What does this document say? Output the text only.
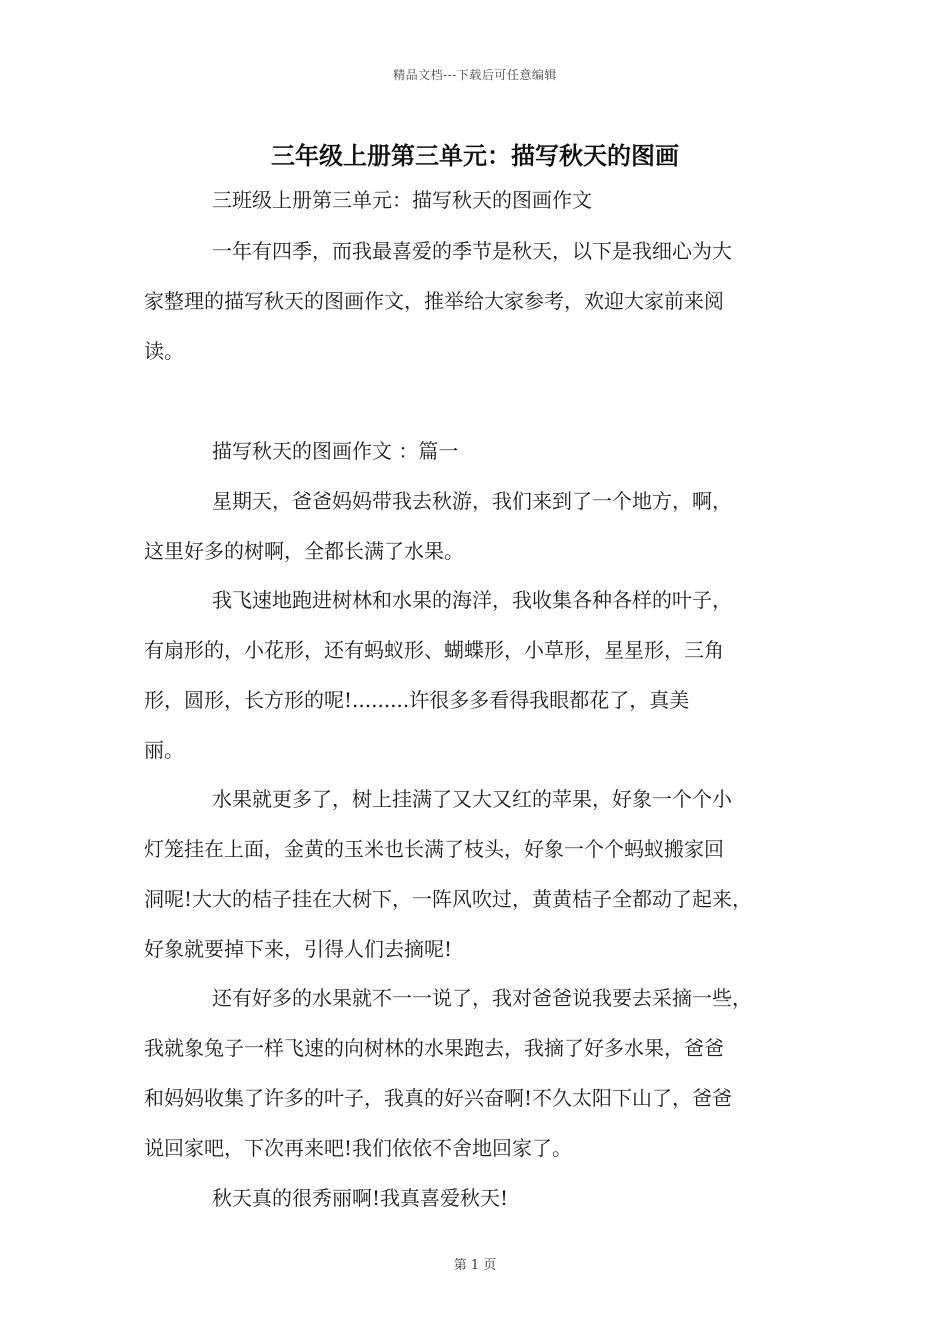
精品文档---下载后可任意编辑
三年级上册第三单元：描写秋天的图画
三班级上册第三单元：描写秋天的图画作文
一年有四季，而我最喜爱的季节是秋天，以下是我细心为大
家整理的描写秋天的图画作文，推举给大家参考，欢迎大家前来阅
读。
描写秋天的图画作文 ：篇一
星期天，爸爸妈妈带我去秋游，我们来到了一个地方，啊，
这里好多的树啊，全都长满了水果。
我飞速地跑进树林和水果的海洋，我收集各种各样的叶子，
有扇形的，小花形，还有蚂蚁形、蝴蝶形，小草形，星星形，三角
形，圆形，长方形的呢!.........许很多多看得我眼都花了，真美
丽。
水果就更多了，树上挂满了又大又红的苹果，好象一个个小
灯笼挂在上面，金黄的玉米也长满了枝头，好象一个个蚂蚁搬家回
洞呢!大大的桔子挂在大树下，一阵风吹过，黄黄桔子全都动了起来，
好象就要掉下来，引得人们去摘呢!
还有好多的水果就不一一说了，我对爸爸说我要去采摘一些，
我就象兔子一样飞速的向树林的水果跑去，我摘了好多水果，爸爸
和妈妈收集了许多的叶子，我真的好兴奋啊!不久太阳下山了，爸爸
说回家吧，下次再来吧!我们依依不舍地回家了。
秋天真的很秀丽啊!我真喜爱秋天!
第 1 页
